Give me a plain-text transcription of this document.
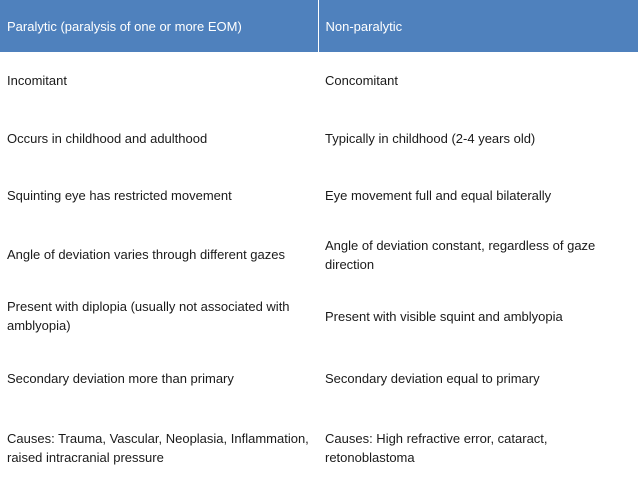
Paralytic (paralysis of one or more EOM)	Non-paralytic
Incomitant	Concomitant
Occurs in childhood and adulthood	Typically in childhood (2-4 years old)
Squinting eye has restricted movement	Eye movement full and equal bilaterally
Angle of deviation varies through different gazes	Angle of deviation constant, regardless of gaze direction
Present with diplopia (usually not associated with amblyopia)	Present with visible squint and amblyopia
Secondary deviation more than primary	Secondary deviation equal to primary
Causes: Trauma, Vascular, Neoplasia, Inflammation, raised intracranial pressure	Causes: High refractive error, cataract, retonoblastoma
